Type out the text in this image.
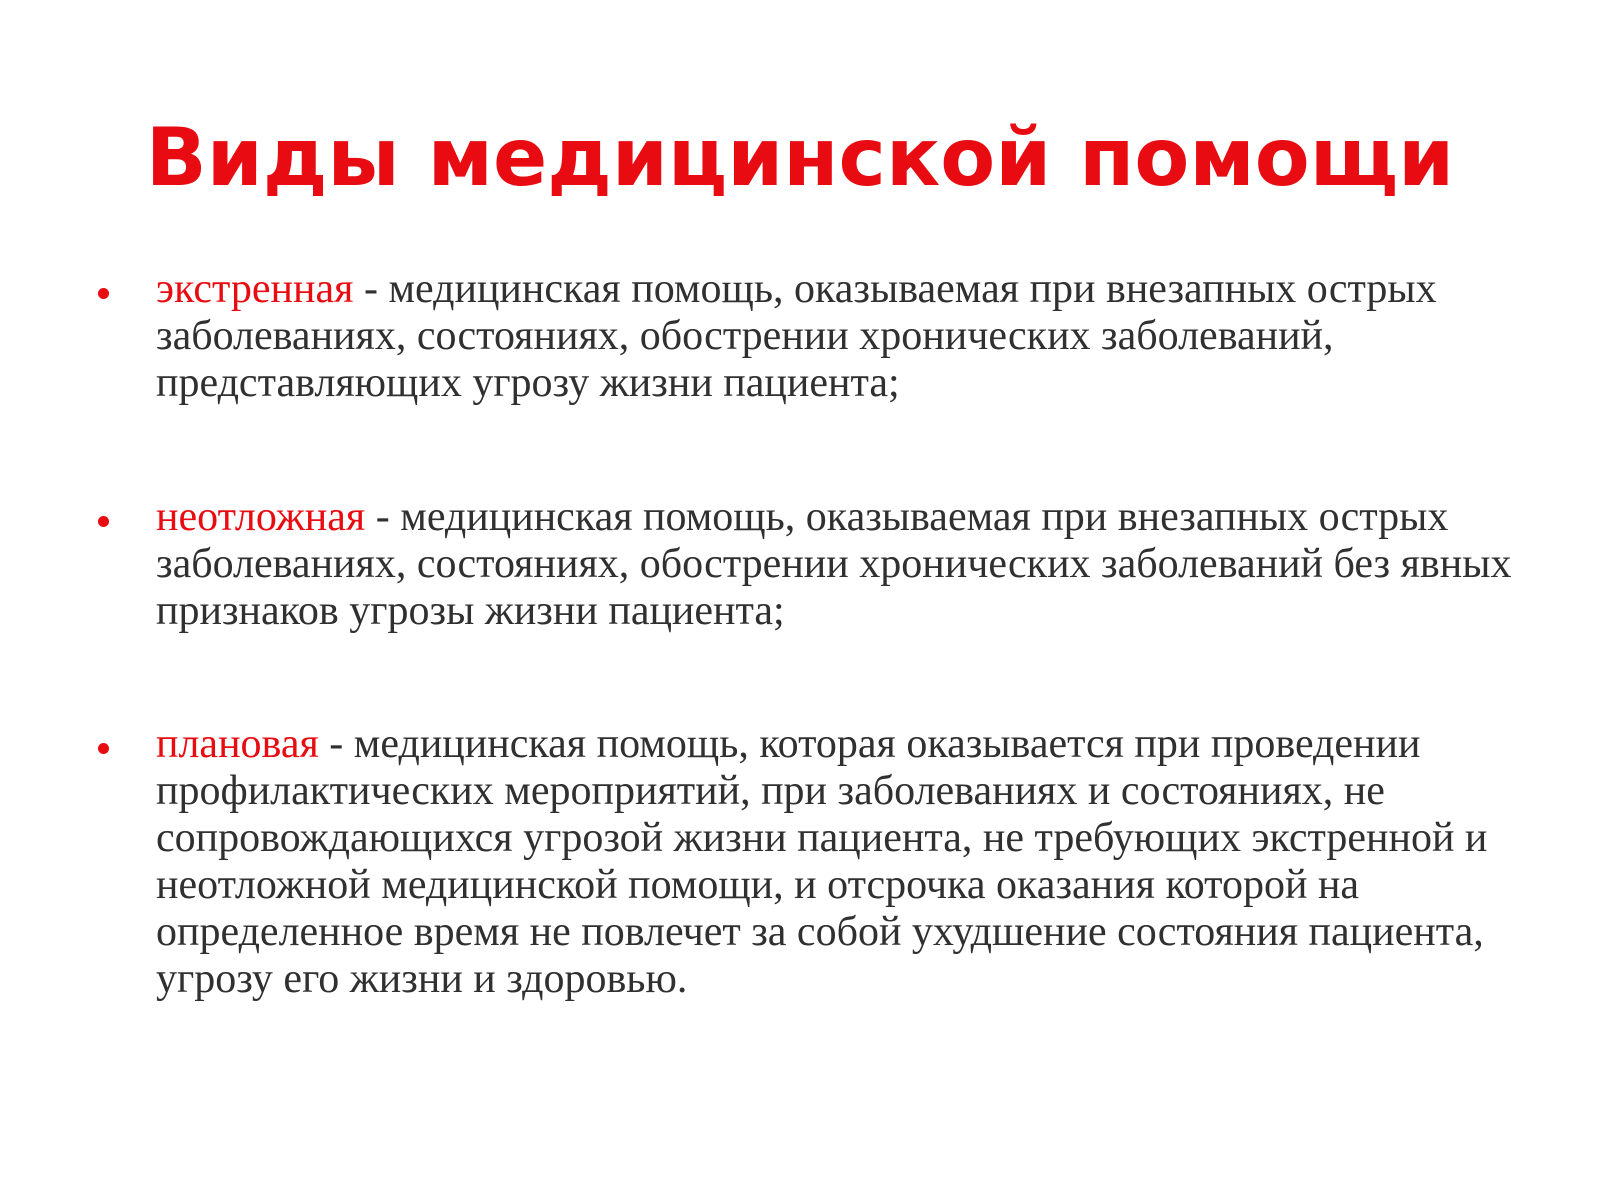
Виды медицинской помощи
экстренная - медицинская помощь, оказываемая при внезапных острых заболеваниях, состояниях, обострении хронических заболеваний, представляющих угрозу жизни пациента;
неотложная - медицинская помощь, оказываемая при внезапных острых заболеваниях, состояниях, обострении хронических заболеваний без явных признаков угрозы жизни пациента;
плановая - медицинская помощь, которая оказывается при проведении профилактических мероприятий, при заболеваниях и состояниях, не сопровождающихся угрозой жизни пациента, не требующих экстренной и неотложной медицинской помощи, и отсрочка оказания которой на определенное время не повлечет за собой ухудшение состояния пациента, угрозу его жизни и здоровью.
